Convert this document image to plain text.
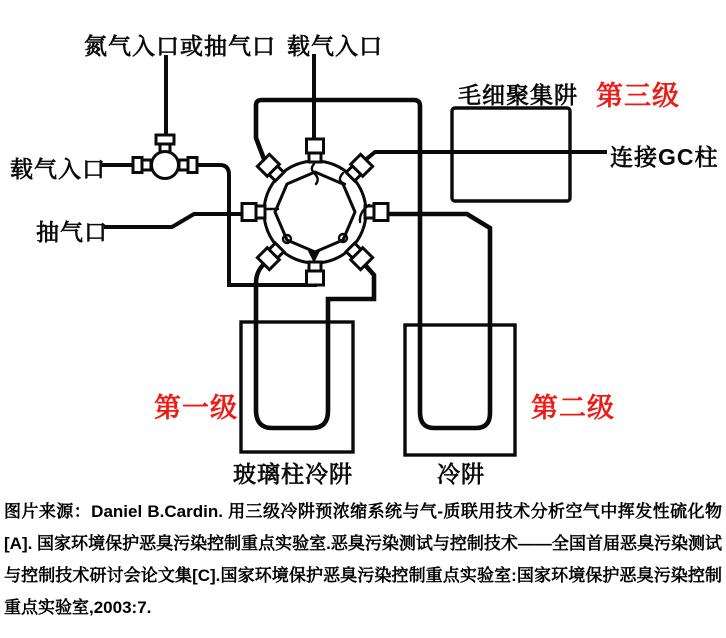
氮气入口或抽气口 载气入口
载气入口
抽气口
毛细聚集阱 第三级
连接GC柱
第一级	第二级
玻璃柱冷阱	冷阱
图片来源：Daniel B.Cardin. 用三级冷阱预浓缩系统与气-质联用技术分析空气中挥发性硫化物[A]. 国家环境保护恶臭污染控制重点实验室.恶臭污染测试与控制技术——全国首届恶臭污染测试与控制技术研讨会论文集[C].国家环境保护恶臭污染控制重点实验室:国家环境保护恶臭污染控制重点实验室,2003:7.
